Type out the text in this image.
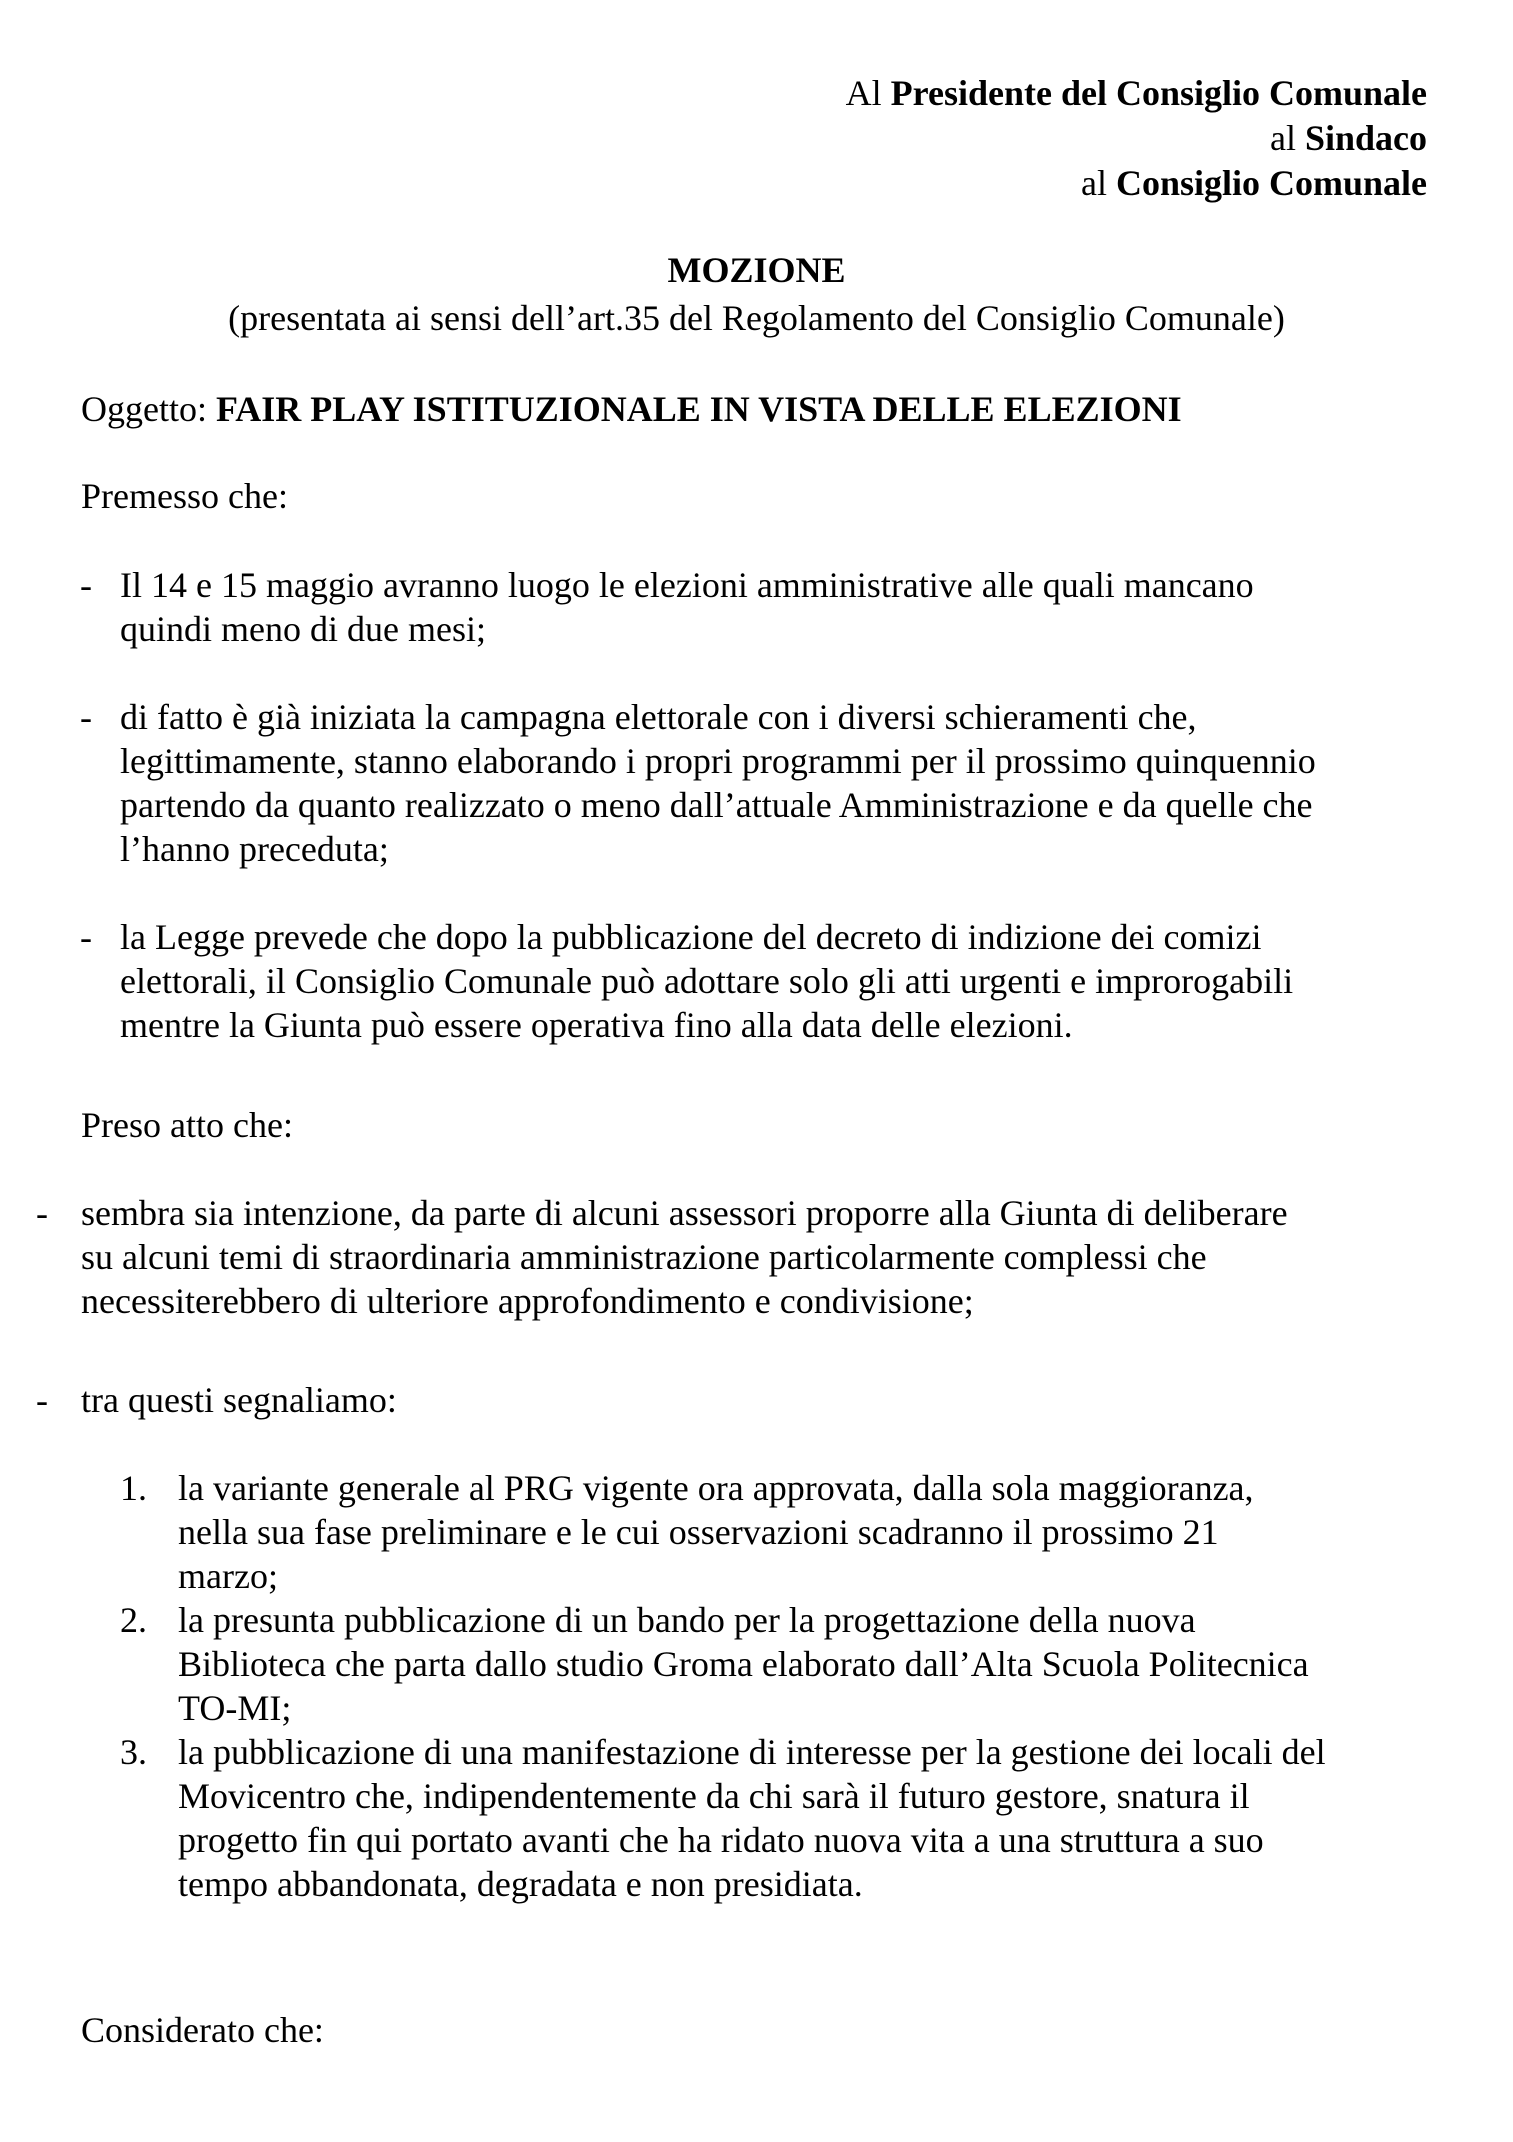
Al Presidente del Consiglio Comunale
al Sindaco
al Consiglio Comunale
MOZIONE
(presentata ai sensi dell’art.35 del Regolamento del Consiglio Comunale)
Oggetto: FAIR PLAY ISTITUZIONALE IN VISTA DELLE ELEZIONI
Premesso che:
- Il 14 e 15 maggio avranno luogo le elezioni amministrative alle quali mancano
quindi meno di due mesi;
- di fatto è già iniziata la campagna elettorale con i diversi schieramenti che,
legittimamente, stanno elaborando i propri programmi per il prossimo quinquennio
partendo da quanto realizzato o meno dall’attuale Amministrazione e da quelle che
l’hanno preceduta;
- la Legge prevede che dopo la pubblicazione del decreto di indizione dei comizi
elettorali, il Consiglio Comunale può adottare solo gli atti urgenti e improrogabili
mentre la Giunta può essere operativa fino alla data delle elezioni.
Preso atto che:
- sembra sia intenzione, da parte di alcuni assessori proporre alla Giunta di deliberare
su alcuni temi di straordinaria amministrazione particolarmente complessi che
necessiterebbero di ulteriore approfondimento e condivisione;
- tra questi segnaliamo:
1. la variante generale al PRG vigente ora approvata, dalla sola maggioranza,
nella sua fase preliminare e le cui osservazioni scadranno il prossimo 21
marzo;
2. la presunta pubblicazione di un bando per la progettazione della nuova
Biblioteca che parta dallo studio Groma elaborato dall’Alta Scuola Politecnica
TO-MI;
3. la pubblicazione di una manifestazione di interesse per la gestione dei locali del
Movicentro che, indipendentemente da chi sarà il futuro gestore, snatura il
progetto fin qui portato avanti che ha ridato nuova vita a una struttura a suo
tempo abbandonata, degradata e non presidiata.
Considerato che:
